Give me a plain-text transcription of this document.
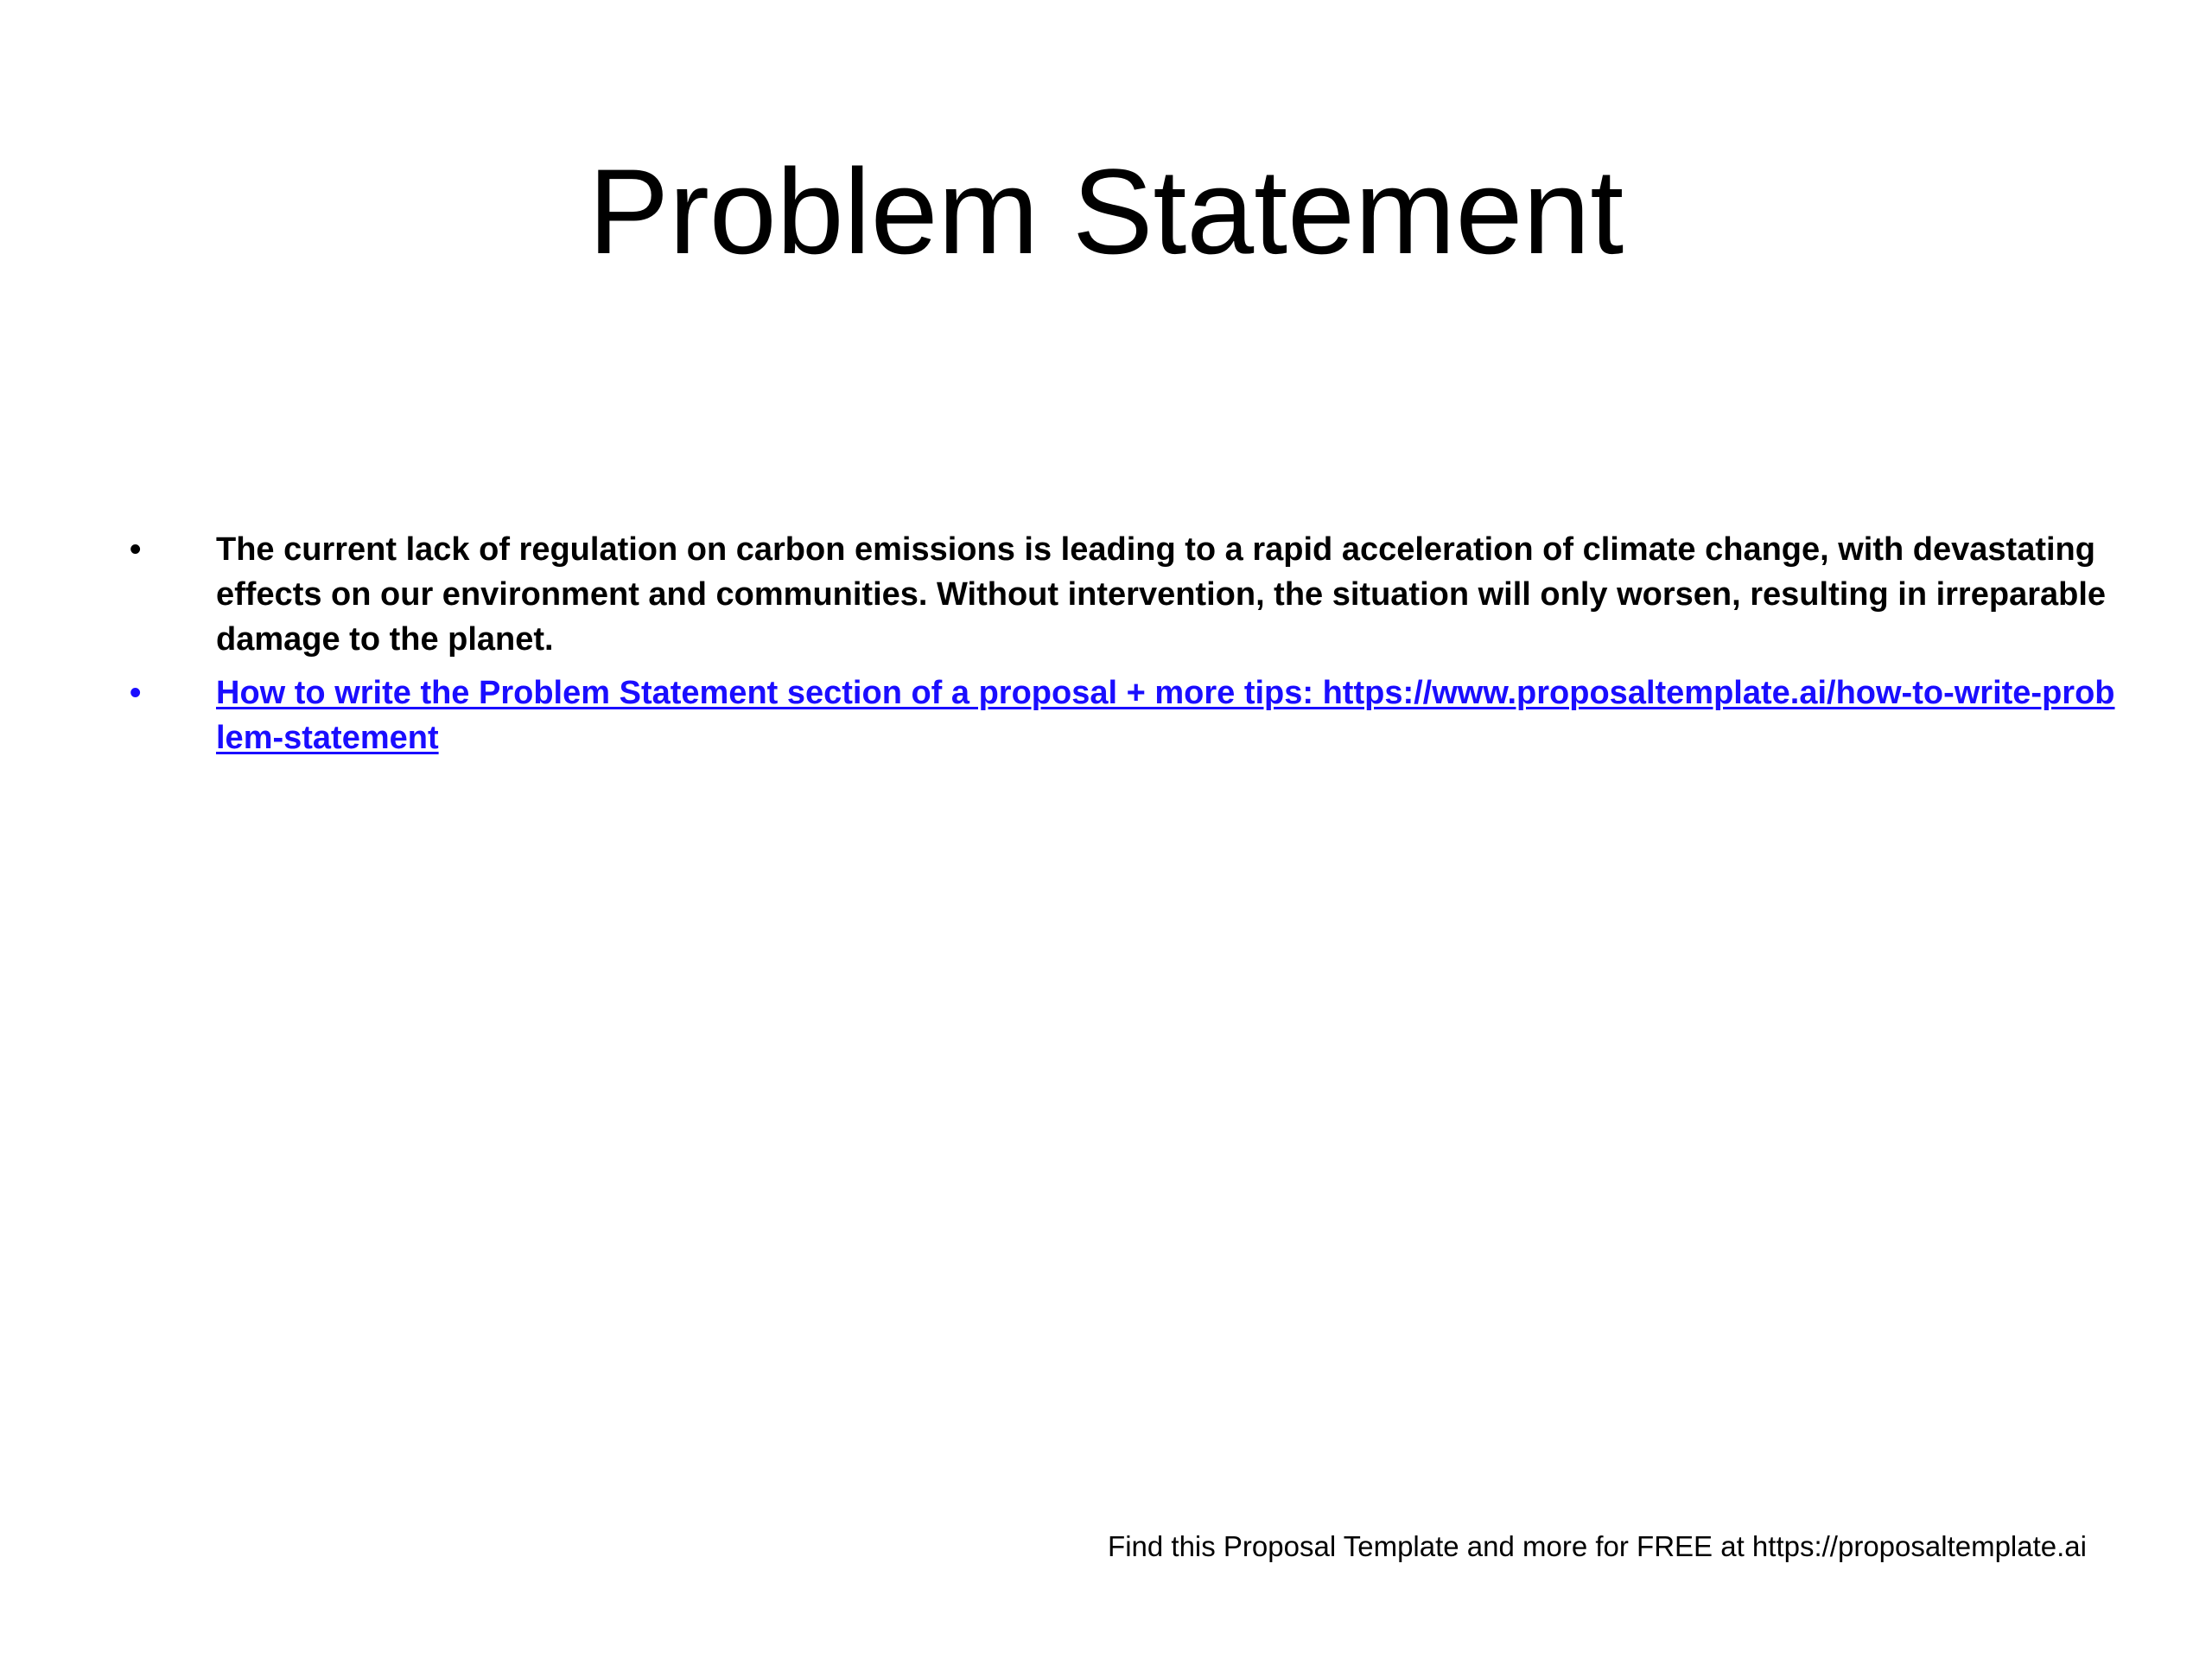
Problem Statement
•	The current lack of regulation on carbon emissions is leading to a rapid acceleration of climate change, with devastating effects on our environment and communities. Without intervention, the situation will only worsen, resulting in irreparable damage to the planet.
•	How to write the Problem Statement section of a proposal + more tips: https://www.proposaltemplate.ai/how-to-write-problem-statement
Find this Proposal Template and more for FREE at https://proposaltemplate.ai
